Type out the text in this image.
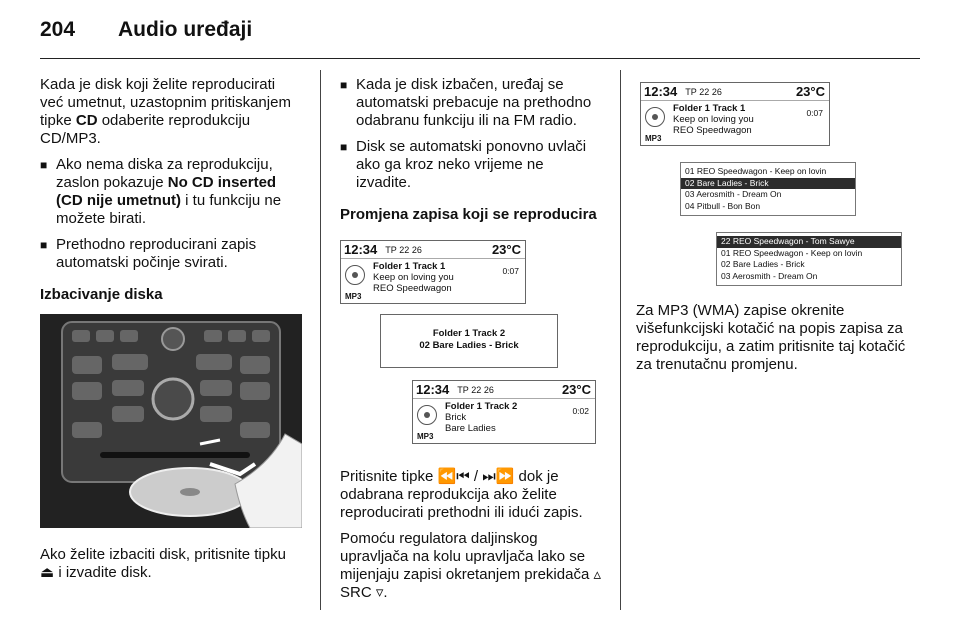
204 Audio uređaji

Kada je disk koji želite reproducirati već umetnut, uzastopnim pritiskanjem tipke CD odaberite reprodukciju CD/MP3.

■ Ako nema diska za reprodukciju, zaslon pokazuje No CD inserted (CD nije umetnut) i tu funkciju ne možete birati.
■ Prethodno reproducirani zapis automatski počinje svirati.
Izbacivanje diska

Ako želite izbaciti disk, pritisnite tipku ⏏ i izvadite disk.

■ Kada je disk izbačen, uređaj se automatski prebacuje na prethodno odabranu funkciju ili na FM radio.
■ Disk se automatski ponovno uvlači ako ga kroz neko vrijeme ne izvadite.
Promjena zapisa koji se reproducira
12:34 TP
22
26	23°C
MP3
Folder 1 Track 1
Keep on loving you
REO Speedwagon
0:07
Folder 1 Track 2
02 Bare Ladies - Brick
12:34 TP
22
26	23°C
MP3
Folder 1 Track 2
Brick
Bare Ladies
0:02

Pritisnite tipke ⏪⏮ / ⏭⏩ dok je odabrana reprodukcija ako želite reproducirati prethodni ili idući zapis.

Pomoću regulatora daljinskog upravljača na kolu upravljača lako se mijenjaju zapisi okretanjem prekidača ▵ SRC ▿.

12:34 TP
22
26	23°C
MP3
Folder 1 Track 1
Keep on loving you
REO Speedwagon
0:07
01 REO Speedwagon - Keep on lovin
02 Bare Ladies - Brick
03 Aerosmith - Dream On
04 Pitbull - Bon Bon
22 REO Speedwagon - Tom Sawye
01 REO Speedwagon - Keep on lovin
02 Bare Ladies - Brick
03 Aerosmith - Dream On

Za MP3 (WMA) zapise okrenite višefunkcijski kotačić na popis zapisa za reprodukciju, a zatim pritisnite taj kotačić za trenutačnu promjenu.
